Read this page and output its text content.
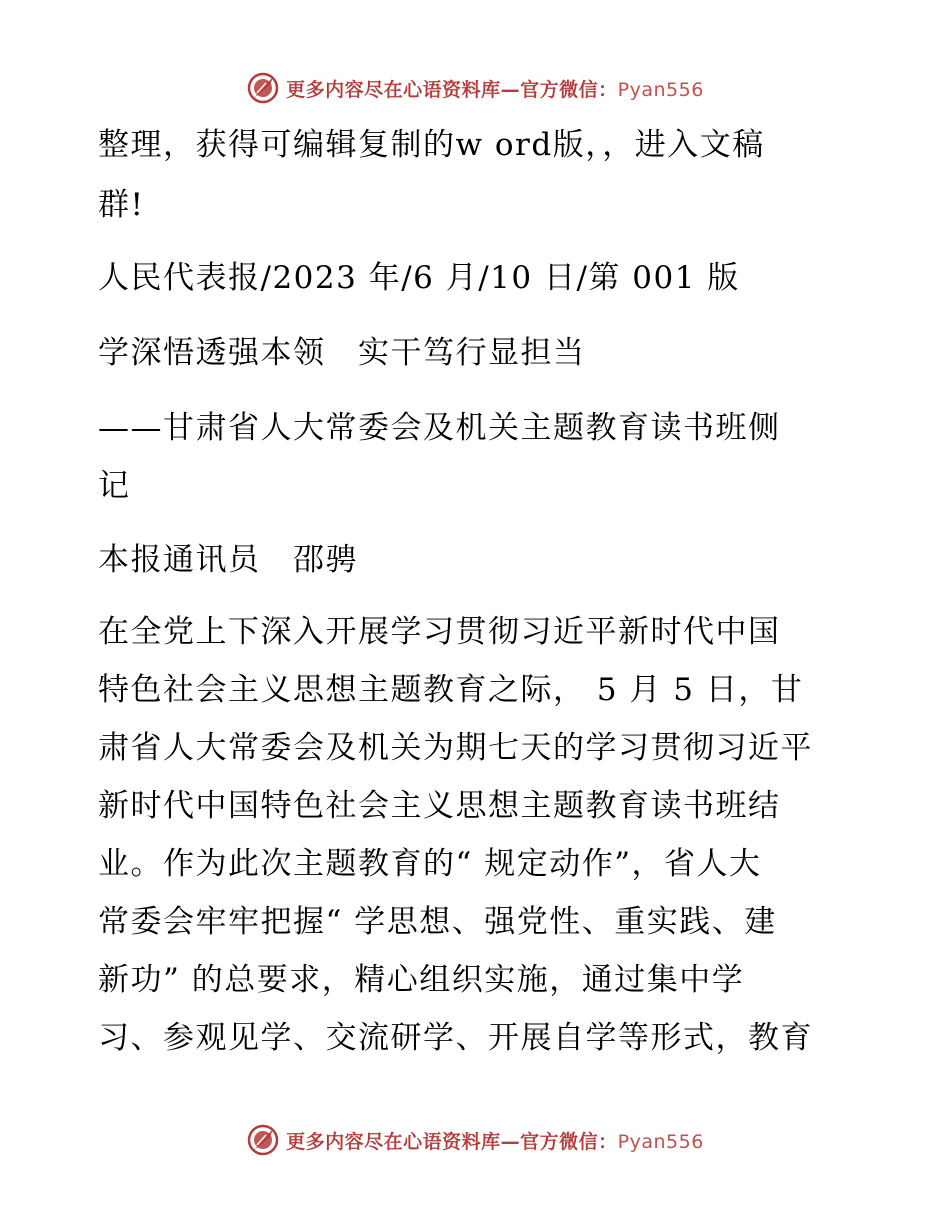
更多内容尽在心语资料库—官方微信：Pyan556
整理，获得可编辑复制的w ord版，，进入文稿
群!
人民代表报/2023 年/6 月/10 日/第 001 版
学深悟透强本领　实干笃行显担当
——甘肃省人大常委会及机关主题教育读书班侧
记
本报通讯员　邵骋
在全党上下深入开展学习贯彻习近平新时代中国
特色社会主义思想主题教育之际， 5 月 5 日，甘
肃省人大常委会及机关为期七天的学习贯彻习近平
新时代中国特色社会主义思想主题教育读书班结
业。作为此次主题教育的“ 规定动作”，省人大
常委会牢牢把握“ 学思想、强党性、重实践、建
新功” 的总要求，精心组织实施，通过集中学
习、参观见学、交流研学、开展自学等形式，教育
更多内容尽在心语资料库—官方微信：Pyan556
